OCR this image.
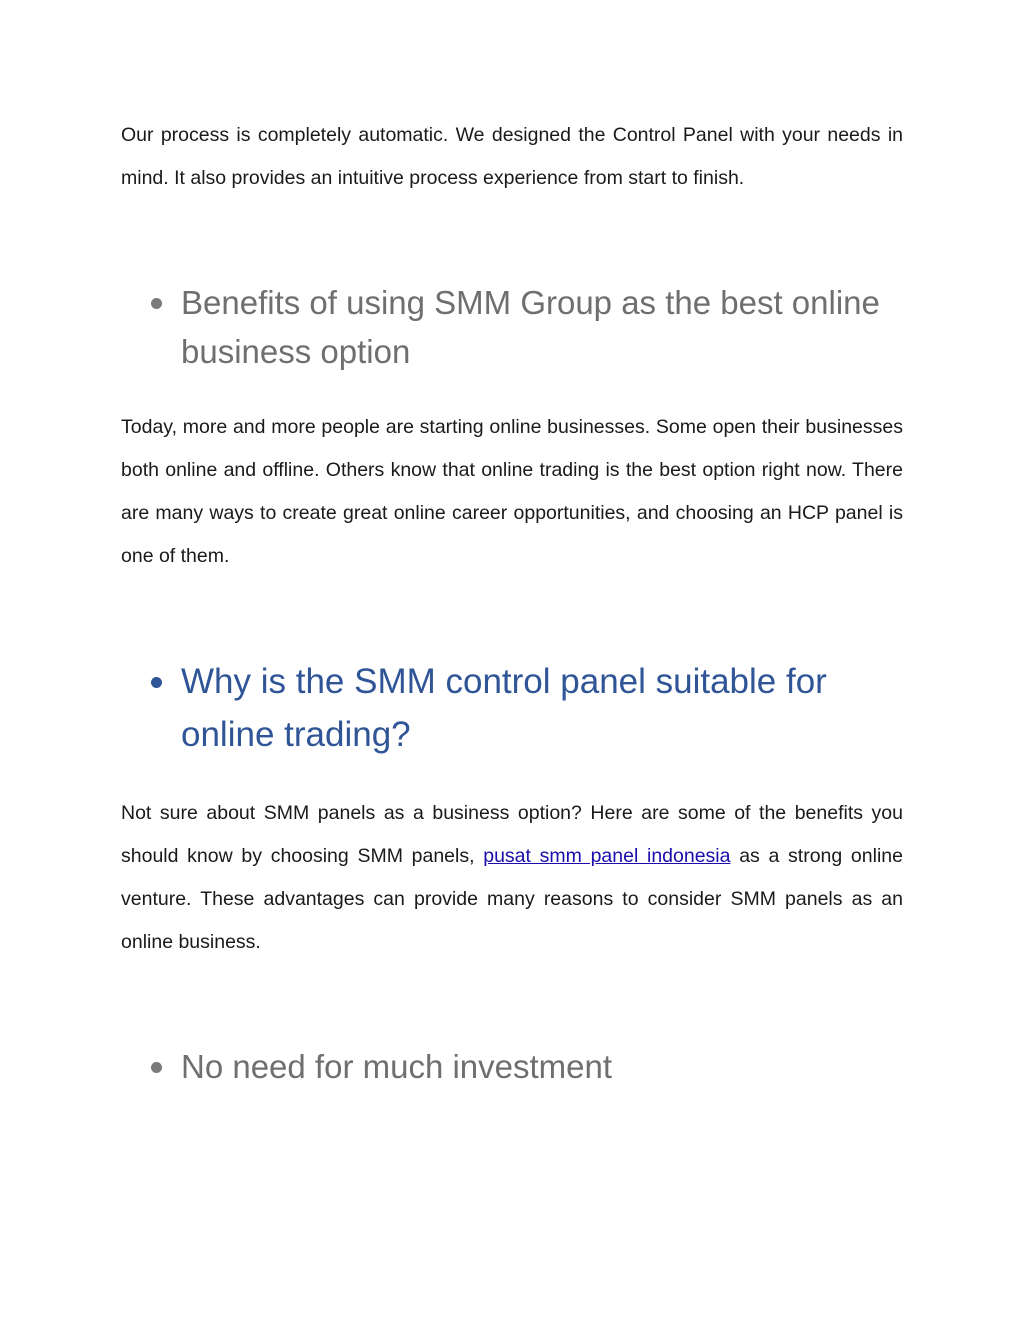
Our process is completely automatic. We designed the Control Panel with your needs in mind. It also provides an intuitive process experience from start to finish.

Benefits of using SMM Group as the best online business option

Today, more and more people are starting online businesses. Some open their businesses both online and offline. Others know that online trading is the best option right now. There are many ways to create great online career opportunities, and choosing an HCP panel is one of them.

Why is the SMM control panel suitable for online trading?

Not sure about SMM panels as a business option? Here are some of the benefits you should know by choosing SMM panels, pusat smm panel indonesia as a strong online venture. These advantages can provide many reasons to consider SMM panels as an online business.

No need for much investment
